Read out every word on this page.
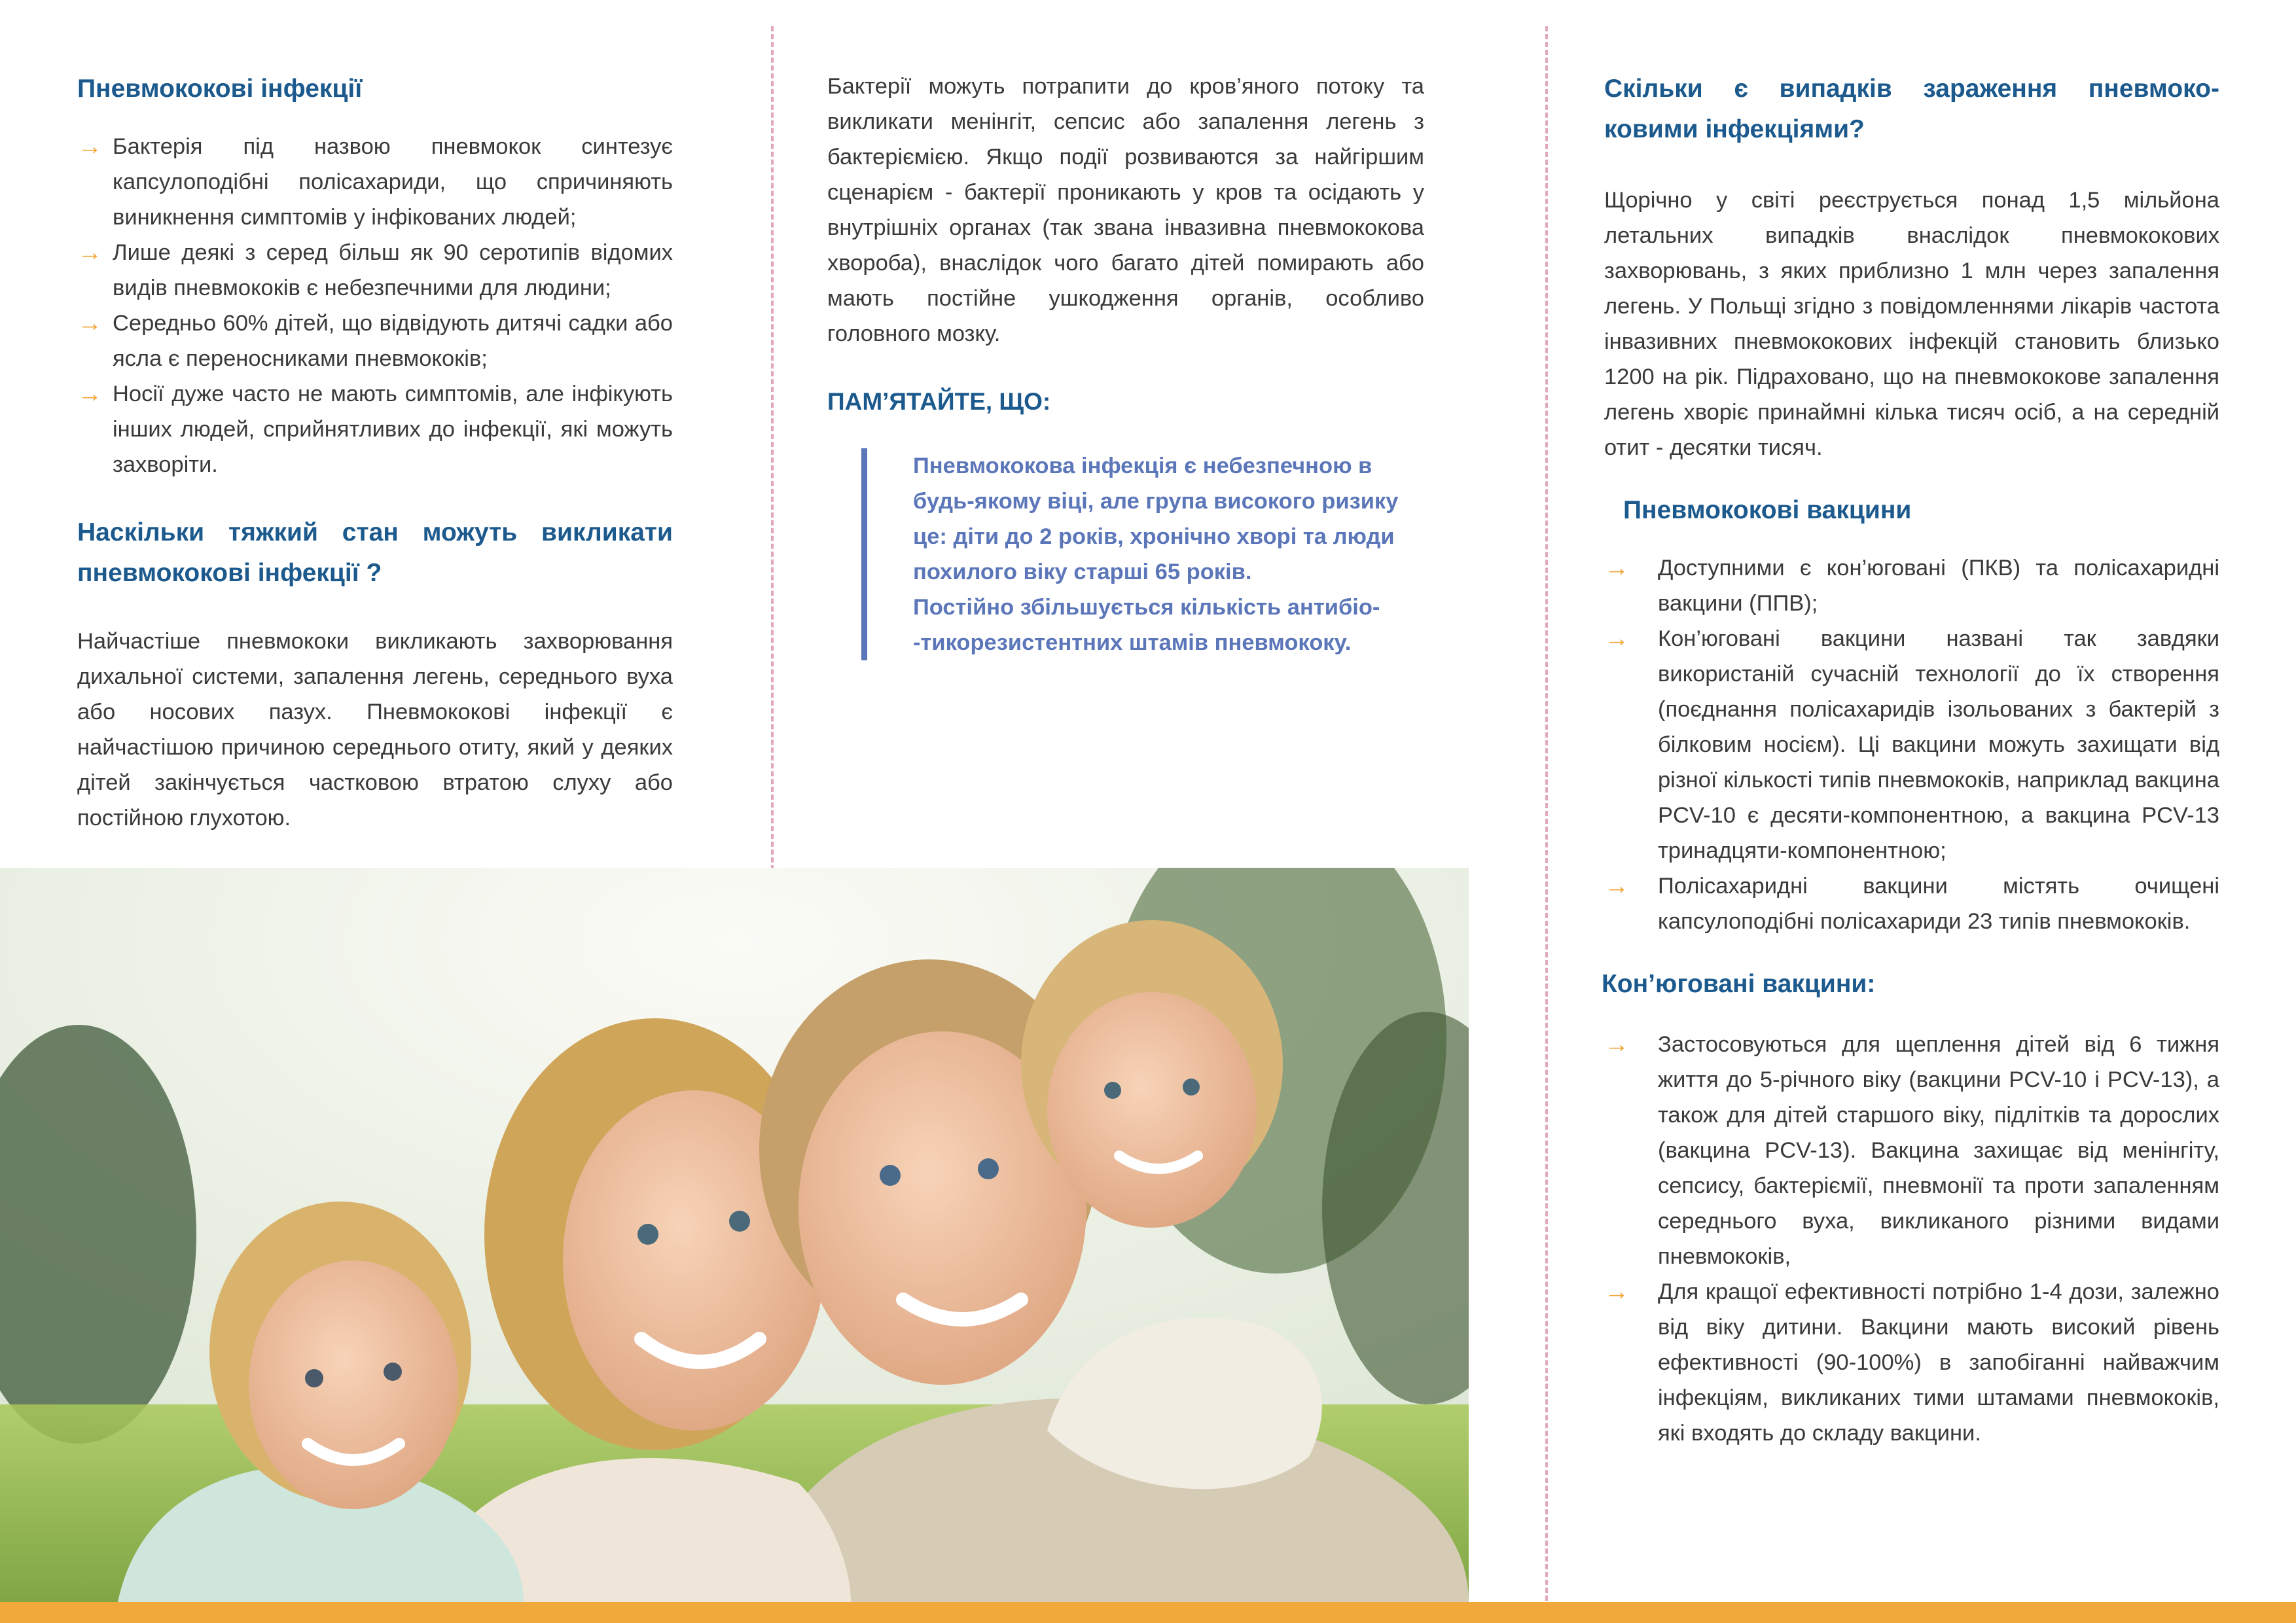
Пневмококові інфекції
→ Бактерія під назвою пневмокок синтезує капсулоподібні полісахариди, що спричиняють виникнення симптомів у інфікованих людей;
→ Лише деякі з серед більш як 90 серотипів відомих видів пневмококів є небезпечними для людини;
→ Середньо 60% дітей, що відвідують дитячі садки або ясла є переносниками пневмококів;
→ Носії дуже часто не мають симптомів, але інфікують інших людей, сприйнятливих до інфекції, які можуть захворіти.
Наскільки тяжкий стан можуть викликати пневмококові інфекції ?

Найчастіше пневмококи викликають захворювання дихальної системи, запалення легень, середнього вуха або носових пазух. Пневмококові інфекції є найчастішою причиною середнього отиту, який у деяких дітей закінчується частковою втратою слуху або постійною глухотою.

Бактерії можуть потрапити до кров’яного потоку та викликати менінгіт, сепсис або запалення легень з бактеріємією. Якщо події розвиваются за найгіршим сценарієм - бактерії проникають у кров та осідають у внутрішніх органах (так звана інвазивна пневмококова хвороба), внаслідок чого багато дітей помирають або мають постійне ушкодження органів, особливо головного мозку.

ПАМ’ЯТАЙТЕ, ЩО:

Пневмококова інфекція є небезпечною в будь-якому віці, але група високого ризику це: діти до 2 років, хронічно хворі та люди похилого віку старші 65 років.
Постійно збільшується кількість антибіо- -тикорезистентних штамів пневмококу.
Скільки є випадків зараження пневмоко- ковими інфекціями?

Щорічно у світі реєструється понад 1,5 мільйона летальних випадків внаслідок пневмококових захворювань, з яких приблизно 1 млн через запалення легень. У Польщі згідно з повідомленнями лікарів частота інвазивних пневмококових інфекцій становить близько 1200 на рік. Підраховано, що на пневмококове запалення легень хворіє принаймні кілька тисяч осіб, а на середній отит - десятки тисяч.

Пневмококові вакцини
→ Доступними є кон’юговані (ПКВ) та полісахаридні вакцини (ППВ);
→ Кон’юговані вакцини названі так завдяки використаній сучасній технології до їх створення (поєднання полісахаридів ізольованих з бактерій з білковим носієм). Ці вакцини можуть захищати від різної кількості типів пневмококів, наприклад вакцина PCV-10 є десяти-компонентною, а вакцина PCV-13 тринадцяти-компонентною;
→ Полісахаридні вакцини містять очищені капсулоподібні полісахариди 23 типів пневмококів.
Кон’юговані вакцини:
→ Застосовуються для щеплення дітей від 6 тижня життя до 5-річного віку (вакцини PCV-10 і PCV-13), а також для дітей старшого віку, підлітків та дорослих (вакцина PCV-13). Вакцина захищає від менінгіту, сепсису, бактеріємії, пневмонії та проти запаленням середнього вуха, викликаного різними видами пневмококів,
→ Для кращої ефективності потрібно 1-4 дози, залежно від віку дитини. Вакцини мають високий рівень ефективності (90-100%) в запобіганні найважчим інфекціям, викликаних тими штамами пневмококів, які входять до складу вакцини.
